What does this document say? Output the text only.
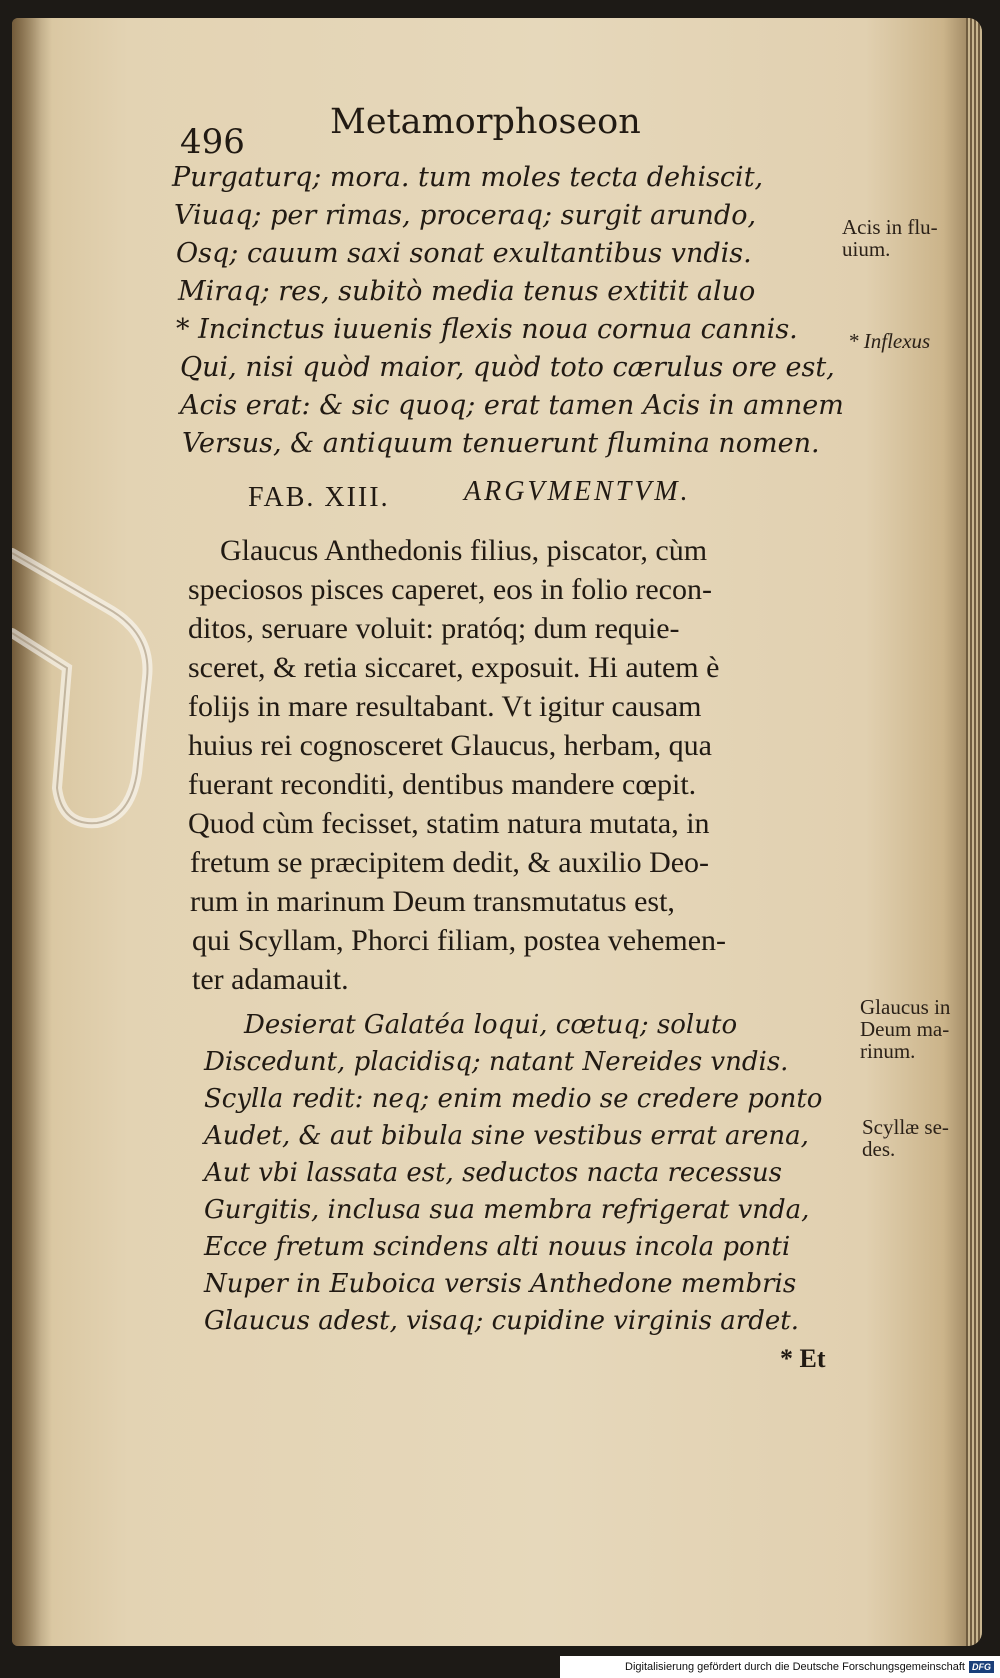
496 Metamorphoseon
Purgaturq; mora. tum moles tecta dehiscit,
Viuaq; per rimas, proceraq; surgit arundo,
Osq; cauum saxi sonat exultantibus vndis.
Miraq; res, subitò media tenus extitit aluo
* Incinctus iuuenis flexis noua cornua cannis.
Qui, nisi quòd maior, quòd toto cærulus ore est,
Acis erat: & sic quoq; erat tamen Acis in amnem
Versus, & antiquum tenuerunt flumina nomen.
FAB. XIII.	ARGVMENTVM.
Glaucus Anthedonis filius, piscator, cùm
speciosos pisces caperet, eos in folio recon-
ditos, seruare voluit: pratóq; dum requie-
sceret, & retia siccaret, exposuit. Hi autem è
folijs in mare resultabant. Vt igitur causam
huius rei cognosceret Glaucus, herbam, qua
fuerant reconditi, dentibus mandere cœpit.
Quod cùm fecisset, statim natura mutata, in
fretum se præcipitem dedit, & auxilio Deo-
rum in marinum Deum transmutatus est,
qui Scyllam, Phorci filiam, postea vehemen-
ter adamauit.
Desierat Galatéa loqui, cœtuq; soluto
Discedunt, placidisq; natant Nereides vndis.
Scylla redit: neq; enim medio se credere ponto
Audet, & aut bibula sine vestibus errat arena,
Aut vbi lassata est, seductos nacta recessus
Gurgitis, inclusa sua membra refrigerat vnda,
Ecce fretum scindens alti nouus incola ponti
Nuper in Euboica versis Anthedone membris
Glaucus adest, visaq; cupidine virginis ardet.
* Et
Acis in flu-
uium.
* Inflexus
Glaucus in
Deum ma-
rinum.
Scyllæ se-
des.
Digitalisierung gefördert durch die Deutsche Forschungsgemeinschaft DFG
